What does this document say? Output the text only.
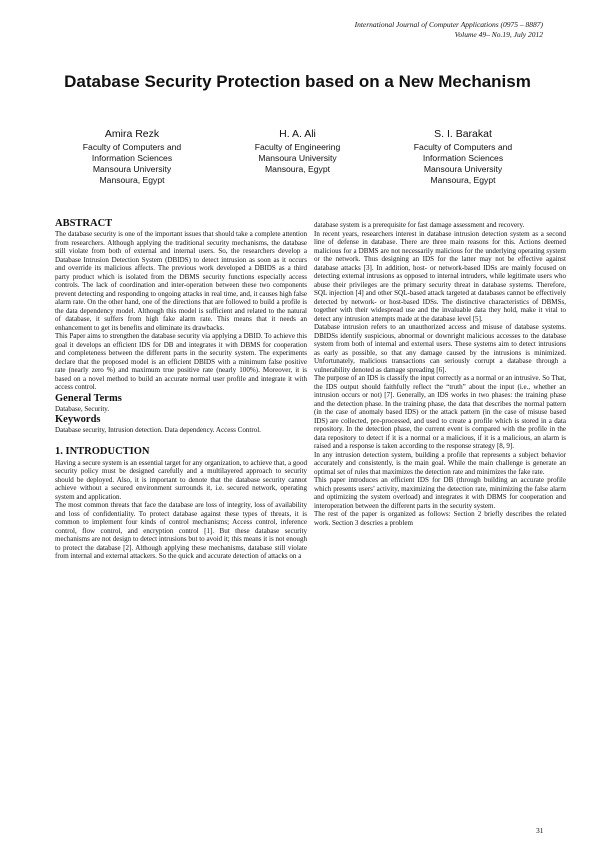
International Journal of Computer Applications (0975 – 8887)
Volume 49– No.19, July 2012
Database Security Protection based on a New Mechanism
Amira Rezk
Faculty of Computers and
Information Sciences
Mansoura University
Mansoura, Egypt
H. A. Ali
Faculty of Engineering
Mansoura University
Mansoura, Egypt
S. I. Barakat
Faculty of Computers and
Information Sciences
Mansoura University
Mansoura, Egypt
ABSTRACT

The database security is one of the important issues that should take a complete attention from researchers. Although applying the traditional security mechanisms, the database still violate from both of external and internal users. So, the researchers develop a Database Intrusion Detection System (DBIDS) to detect intrusion as soon as it occurs and override its malicious affects. The previous work developed a DBIDS as a third party product which is isolated from the DBMS security functions especially access controls. The lack of coordination and inter-operation between these two components prevent detecting and responding to ongoing attacks in real time, and, it causes high false alarm rate. On the other hand, one of the directions that are followed to build a profile is the data dependency model. Although this model is sufficient and related to the natural of database, it suffers from high fake alarm rate. This means that it needs an enhancement to get its benefits and eliminate its drawbacks.

This Paper aims to strengthen the database security via applying a DBID. To achieve this goal it develops an efficient IDS for DB and integrates it with DBMS for cooperation and completeness between the different parts in the security system. The experiments declare that the proposed model is an efficient DBIDS with a minimum false positive rate (nearly zero %) and maximum true positive rate (nearly 100%). Moreover, it is based on a novel method to build an accurate normal user profile and integrate it with access control.

General Terms

Database, Security.

Keywords

Database security, Intrusion detection. Data dependency. Access Control.

1. INTRODUCTION

Having a secure system is an essential target for any organization, to achieve that, a good security policy must be designed carefully and a multilayered approach to security should be deployed. Also, it is important to denote that the database security cannot achieve without a secured environment surrounds it, i.e. secured network, operating system and application.

The most common threats that face the database are loss of integrity, loss of availability and loss of confidentiality. To protect database against these types of threats, it is common to implement four kinds of control mechanisms; Access control, inference control, flow control, and encryption control [1]. But these database security mechanisms are not design to detect intrusions but to avoid it; this means it is not enough to protect the database [2]. Although applying these mechanisms, database still violate from internal and external attackers. So the quick and accurate detection of attacks on a

database system is a prerequisite for fast damage assessment and recovery.

In recent years, researchers interest in database intrusion detection system as a second line of defense in database. There are three main reasons for this. Actions deemed malicious for a DBMS are not necessarily malicious for the underlying operating system or the network. Thus designing an IDS for the latter may not be effective against database attacks [3]. In addition, host- or network-based IDSs are mainly focused on detecting external intrusions as opposed to internal intruders, while legitimate users who abuse their privileges are the primary security threat in database systems. Therefore, SQL injection [4] and other SQL-based attack targeted at databases cannot be effectively detected by network- or host-based IDSs. The distinctive characteristics of DBMSs, together with their widespread use and the invaluable data they hold, make it vital to detect any intrusion attempts made at the database level [5].

Database intrusion refers to an unauthorized access and misuse of database systems. DBIDSs identify suspicious, abnormal or downright malicious accesses to the database system from both of internal and external users. These systems aim to detect intrusions as early as possible, so that any damage caused by the intrusions is minimized. Unfortunately, malicious transactions can seriously corrupt a database through a vulnerability denoted as damage spreading [6].

The purpose of an IDS is classify the input correctly as a normal or an intrusive. So That, the IDS output should faithfully reflect the “truth” about the input (i.e., whether an intrusion occurs or not) [7]. Generally, an IDS works in two phases: the training phase and the detection phase. In the training phase, the data that describes the normal pattern (in the case of anomaly based IDS) or the attack pattern (in the case of misuse based IDS) are collected, pre-processed, and used to create a profile which is stored in a data repository. In the detection phase, the current event is compared with the profile in the data repository to detect if it is a normal or a malicious, if it is a malicious, an alarm is raised and a response is taken according to the response strategy [8, 9].

In any intrusion detection system, building a profile that represents a subject behavior accurately and consistently, is the main goal. While the main challenge is generate an optimal set of rules that maximizes the detection rate and minimizes the fake rate.

This paper introduces an efficient IDS for DB (through building an accurate profile which presents users’ activity, maximizing the detection rate, minimizing the false alarm and optimizing the system overload) and integrates it with DBMS for cooperation and interoperation between the different parts in the security system.

The rest of the paper is organized as follows: Section 2 briefly describes the related work. Section 3 descries a problem

31
